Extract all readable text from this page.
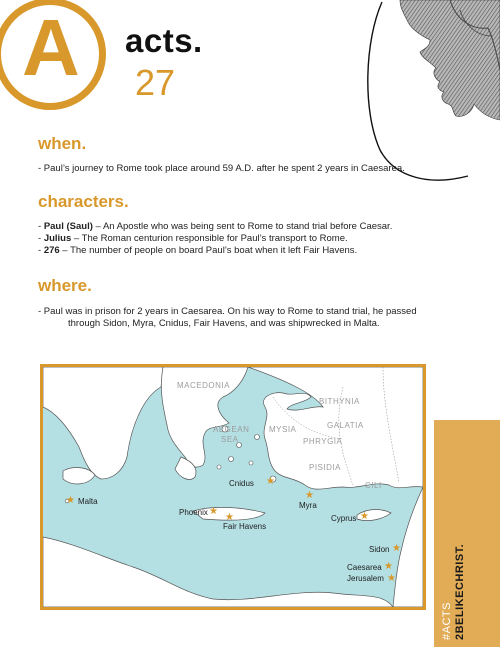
A acts.
27
when.
- Paul’s journey to Rome took place around 59 A.D. after he spent 2 years in Caesarea.
characters.
- Paul (Saul) – An Apostle who was being sent to Rome to stand trial before Caesar.
- Julius – The Roman centurion responsible for Paul’s transport to Rome.
- 276 – The number of people on board Paul’s boat when it left Fair Havens.
where.
- Paul was in prison for 2 years in Caesarea. On his way to Rome to stand trial, he passed
through Sidon, Myra, Cnidus, Fair Havens, and was shipwrecked in Malta.
MACEDONIA
BITHYNIA
AEGEAN
SEA
MYSIA	GALATIA
PHRYGIA
PISIDIA
CILI
★ Malta
★
Cnidus
★
Myra
★
Phoenix ★
Fair Havens
★
Cyprus
★
Sidon
★
Caesarea
★
Jerusalem
#ACTS 2BELIKECHRIST.
